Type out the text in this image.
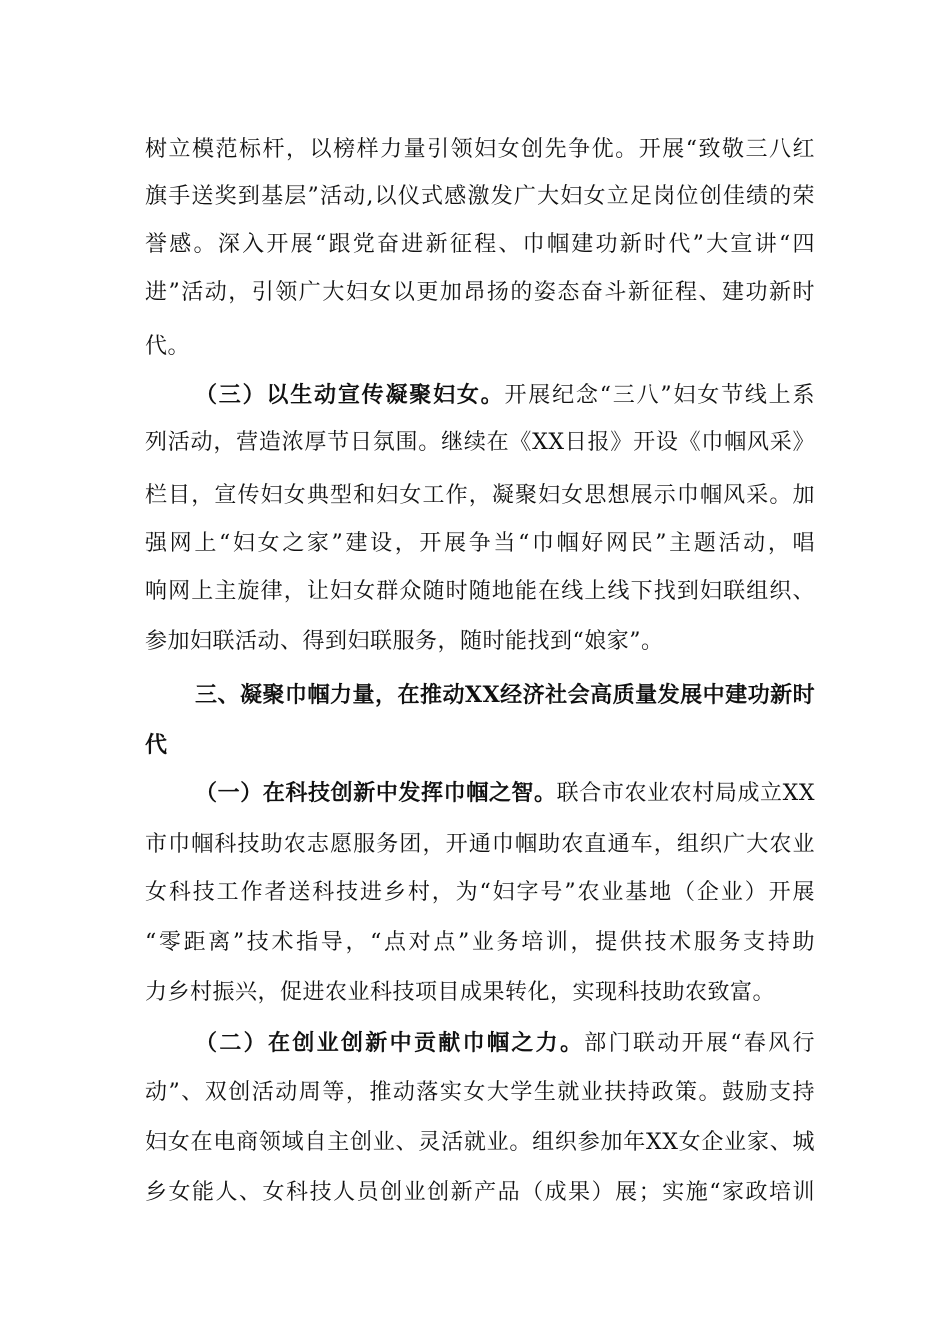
树立模范标杆，以榜样力量引领妇女创先争优。开展“致敬三八红
旗手送奖到基层”活动,以仪式感激发广大妇女立足岗位创佳绩的荣
誉感。深入开展“跟党奋进新征程、巾帼建功新时代”大宣讲“四
进”活动，引领广大妇女以更加昂扬的姿态奋斗新征程、建功新时
代。
（三）以生动宣传凝聚妇女。开展纪念“三八”妇女节线上系
列活动，营造浓厚节日氛围。继续在《XX日报》开设《巾帼风采》
栏目，宣传妇女典型和妇女工作，凝聚妇女思想展示巾帼风采。加
强网上“妇女之家”建设，开展争当“巾帼好网民”主题活动，唱
响网上主旋律，让妇女群众随时随地能在线上线下找到妇联组织、
参加妇联活动、得到妇联服务，随时能找到“娘家”。
三、凝聚巾帼力量，在推动XX经济社会高质量发展中建功新时
代
（一）在科技创新中发挥巾帼之智。联合市农业农村局成立XX
市巾帼科技助农志愿服务团，开通巾帼助农直通车，组织广大农业
女科技工作者送科技进乡村，为“妇字号”农业基地（企业）开展
“零距离”技术指导，“点对点”业务培训，提供技术服务支持助
力乡村振兴，促进农业科技项目成果转化，实现科技助农致富。
（二）在创业创新中贡献巾帼之力。部门联动开展“春风行
动”、双创活动周等，推动落实女大学生就业扶持政策。鼓励支持
妇女在电商领域自主创业、灵活就业。组织参加年XX女企业家、城
乡女能人、女科技人员创业创新产品（成果）展；实施“家政培训
